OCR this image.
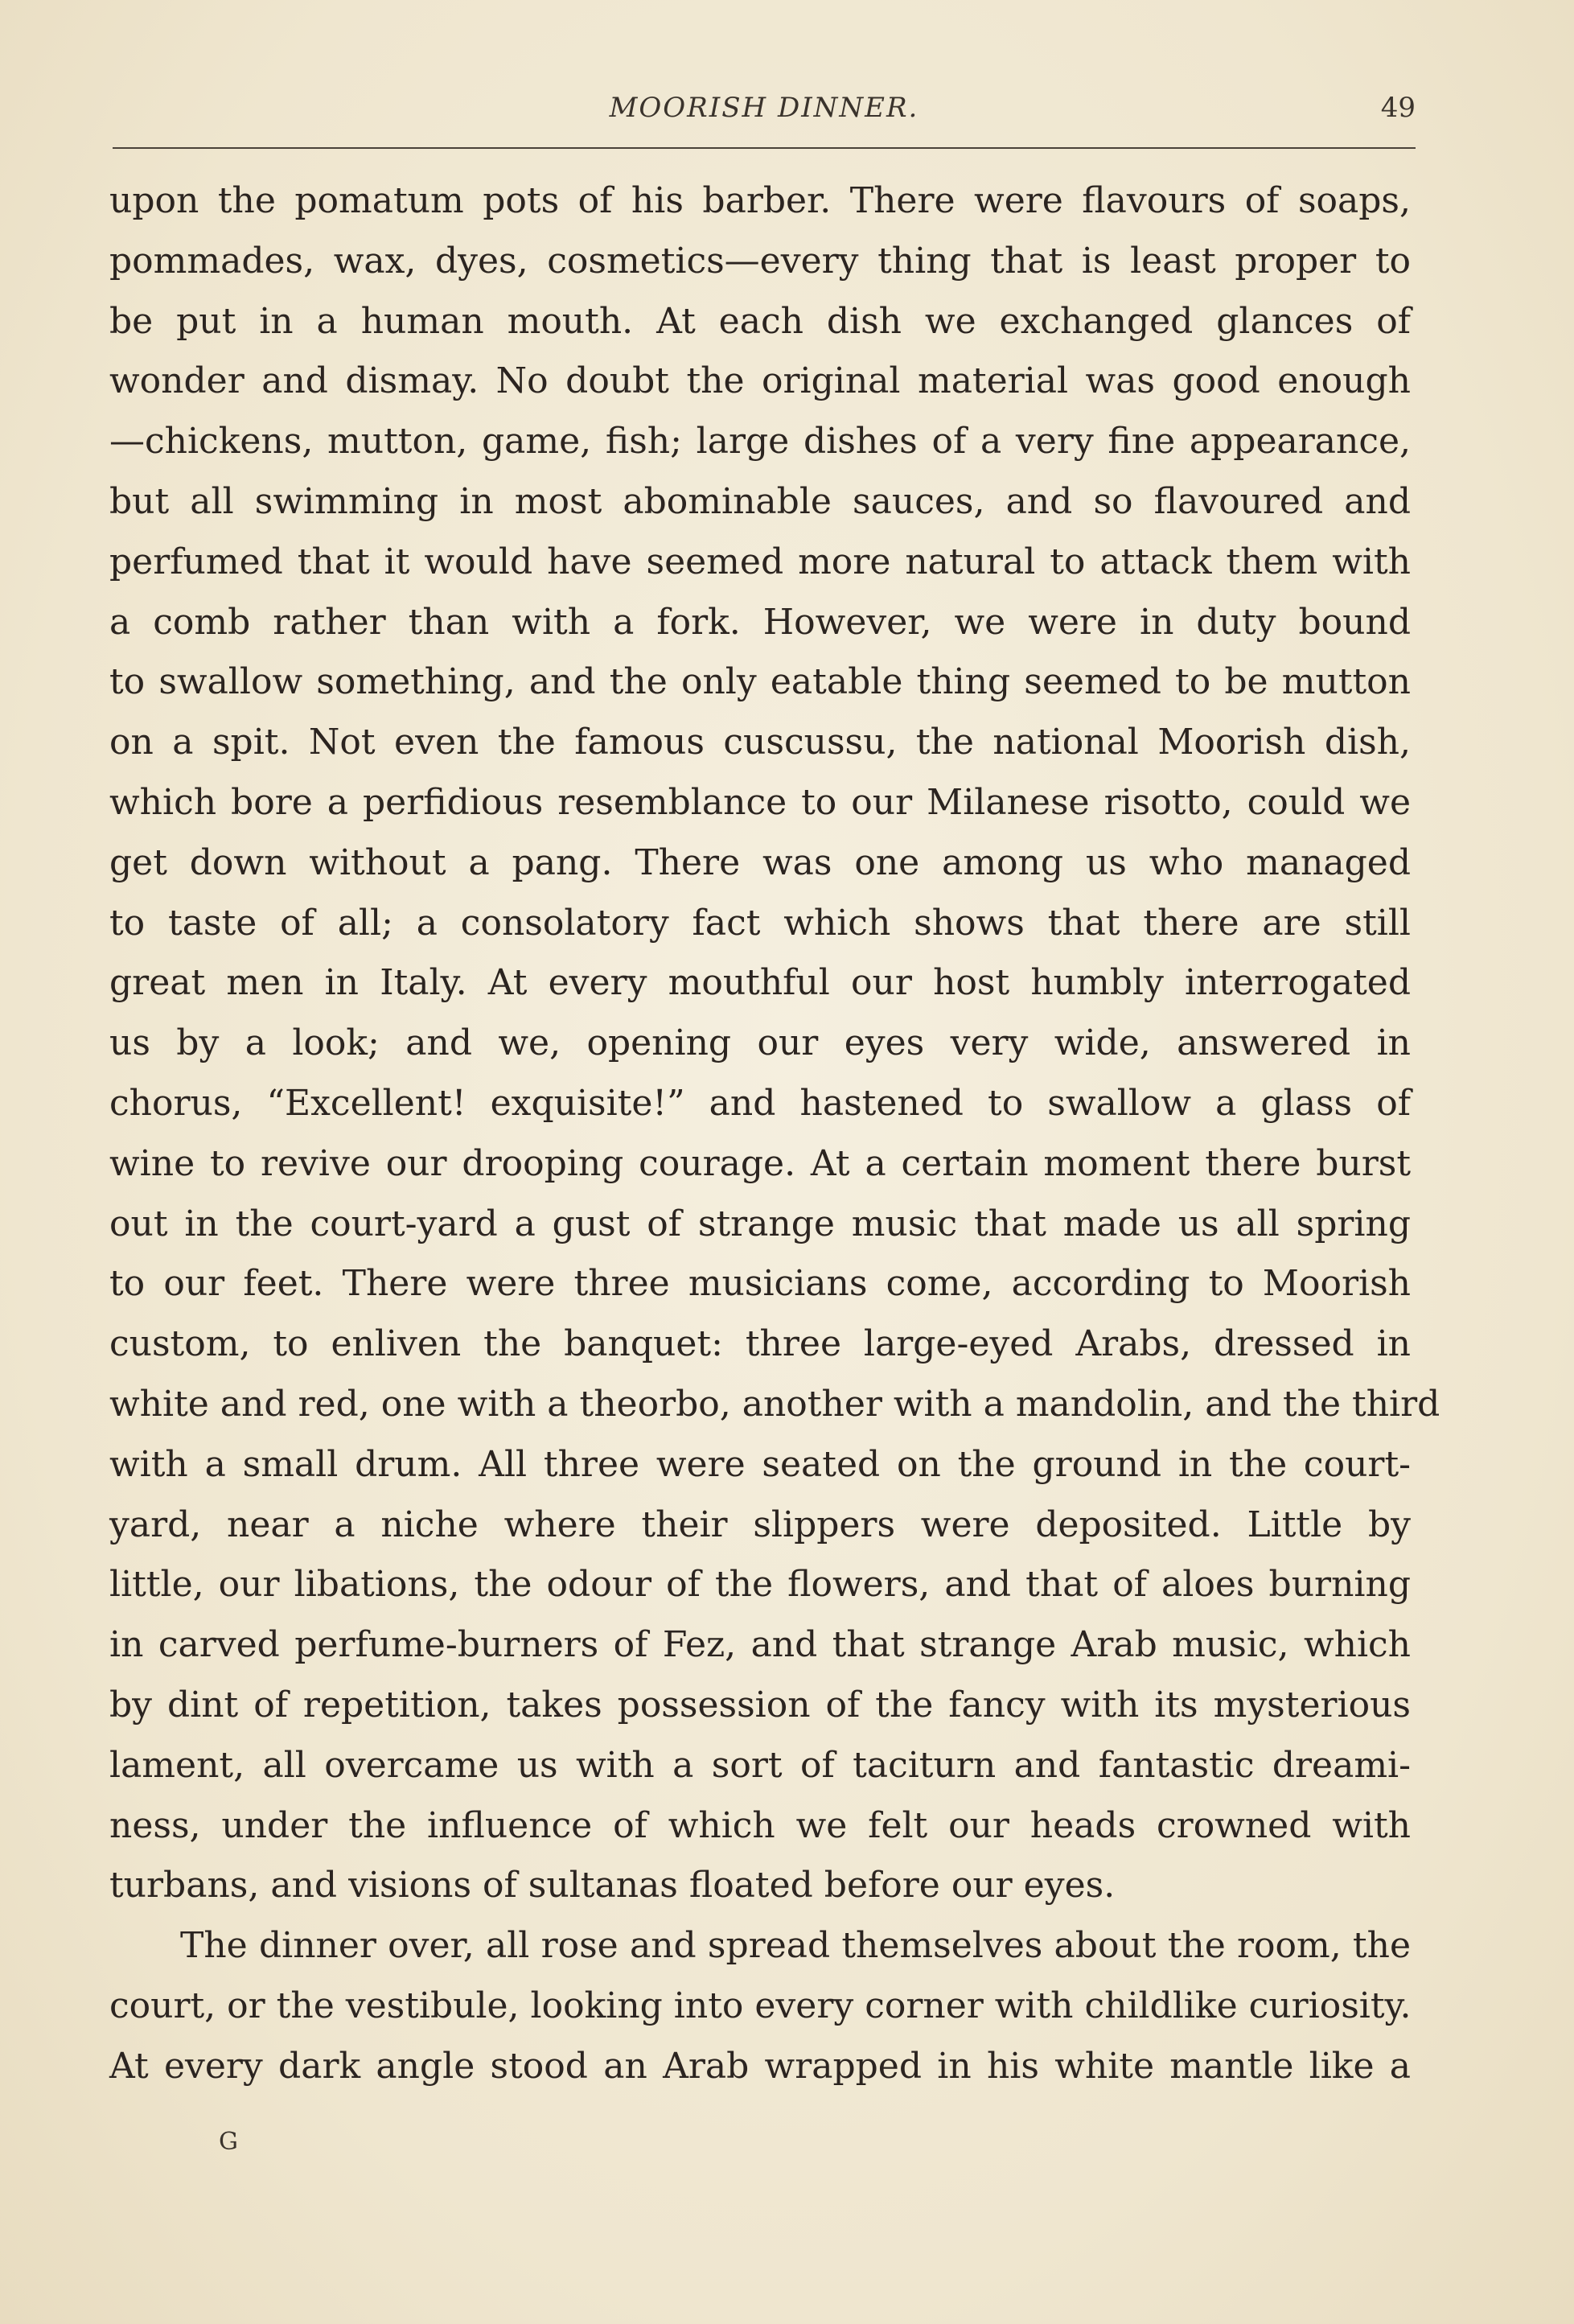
MOORISH DINNER.	49
upon the pomatum pots of his barber. There were flavours of soaps,
pommades, wax, dyes, cosmetics—every thing that is least proper to
be put in a human mouth. At each dish we exchanged glances of
wonder and dismay. No doubt the original material was good enough
—chickens, mutton, game, fish; large dishes of a very fine appearance,
but all swimming in most abominable sauces, and so flavoured and
perfumed that it would have seemed more natural to attack them with
a comb rather than with a fork. However, we were in duty bound
to swallow something, and the only eatable thing seemed to be mutton
on a spit. Not even the famous cuscussu, the national Moorish dish,
which bore a perfidious resemblance to our Milanese risotto, could we
get down without a pang. There was one among us who managed
to taste of all; a consolatory fact which shows that there are still
great men in Italy. At every mouthful our host humbly interrogated
us by a look; and we, opening our eyes very wide, answered in
chorus, “Excellent! exquisite!” and hastened to swallow a glass of
wine to revive our drooping courage. At a certain moment there burst
out in the court-yard a gust of strange music that made us all spring
to our feet. There were three musicians come, according to Moorish
custom, to enliven the banquet: three large-eyed Arabs, dressed in
white and red, one with a theorbo, another with a mandolin, and the third
with a small drum. All three were seated on the ground in the court-
yard, near a niche where their slippers were deposited. Little by
little, our libations, the odour of the flowers, and that of aloes burning
in carved perfume-burners of Fez, and that strange Arab music, which
by dint of repetition, takes possession of the fancy with its mysterious
lament, all overcame us with a sort of taciturn and fantastic dreami-
ness, under the influence of which we felt our heads crowned with
turbans, and visions of sultanas floated before our eyes.
The dinner over, all rose and spread themselves about the room, the
court, or the vestibule, looking into every corner with childlike curiosity.
At every dark angle stood an Arab wrapped in his white mantle like a
G
